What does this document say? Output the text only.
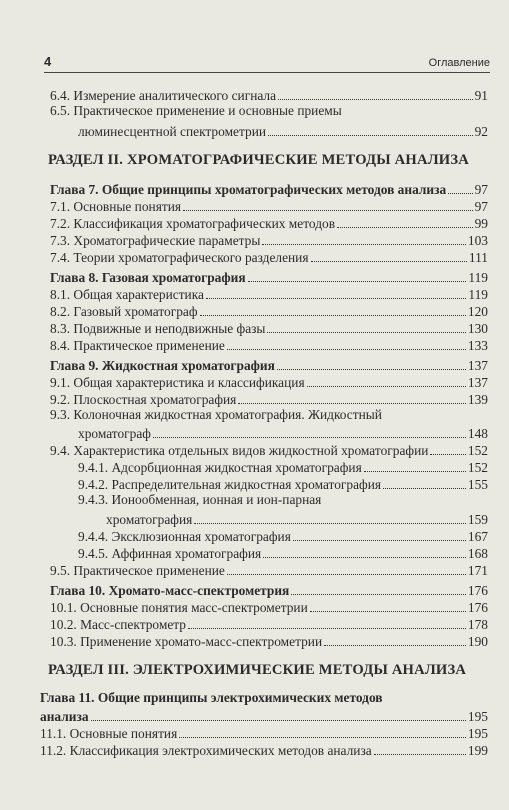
4	Оглавление
6.4. Измерение аналитического сигнала	91
6.5. Практическое применение и основные приемы
люминесцентной спектрометрии	92
РАЗДЕЛ II. ХРОМАТОГРАФИЧЕСКИЕ МЕТОДЫ АНАЛИЗА
Глава 7. Общие принципы хроматографических методов анализа 97
7.1. Основные понятия	97
7.2. Классификация хроматографических методов	99
7.3. Хроматографические параметры	103
7.4. Теории хроматографического разделения	111
Глава 8. Газовая хроматография	119
8.1. Общая характеристика	119
8.2. Газовый хроматограф	120
8.3. Подвижные и неподвижные фазы	130
8.4. Практическое применение	133
Глава 9. Жидкостная хроматография	137
9.1. Общая характеристика и классификация	137
9.2. Плоскостная хроматография	139
9.3. Колоночная жидкостная хроматография. Жидкостный
хроматограф	148
9.4. Характеристика отдельных видов жидкостной хроматографии	152
9.4.1. Адсорбционная жидкостная хроматография	152
9.4.2. Распределительная жидкостная хроматография	155
9.4.3. Ионообменная, ионная и ион-парная
хроматография	159
9.4.4. Эксклюзионная хроматография	167
9.4.5. Аффинная хроматография	168
9.5. Практическое применение	171
Глава 10. Хромато-масс-спектрометрия	176
10.1. Основные понятия масс-спектрометрии	176
10.2. Масс-спектрометр	178
10.3. Применение хромато-масс-спектрометрии	190
РАЗДЕЛ III. ЭЛЕКТРОХИМИЧЕСКИЕ МЕТОДЫ АНАЛИЗА
Глава 11. Общие принципы электрохимических методов
анализа	195
11.1. Основные понятия	195
11.2. Классификация электрохимических методов анализа	199
